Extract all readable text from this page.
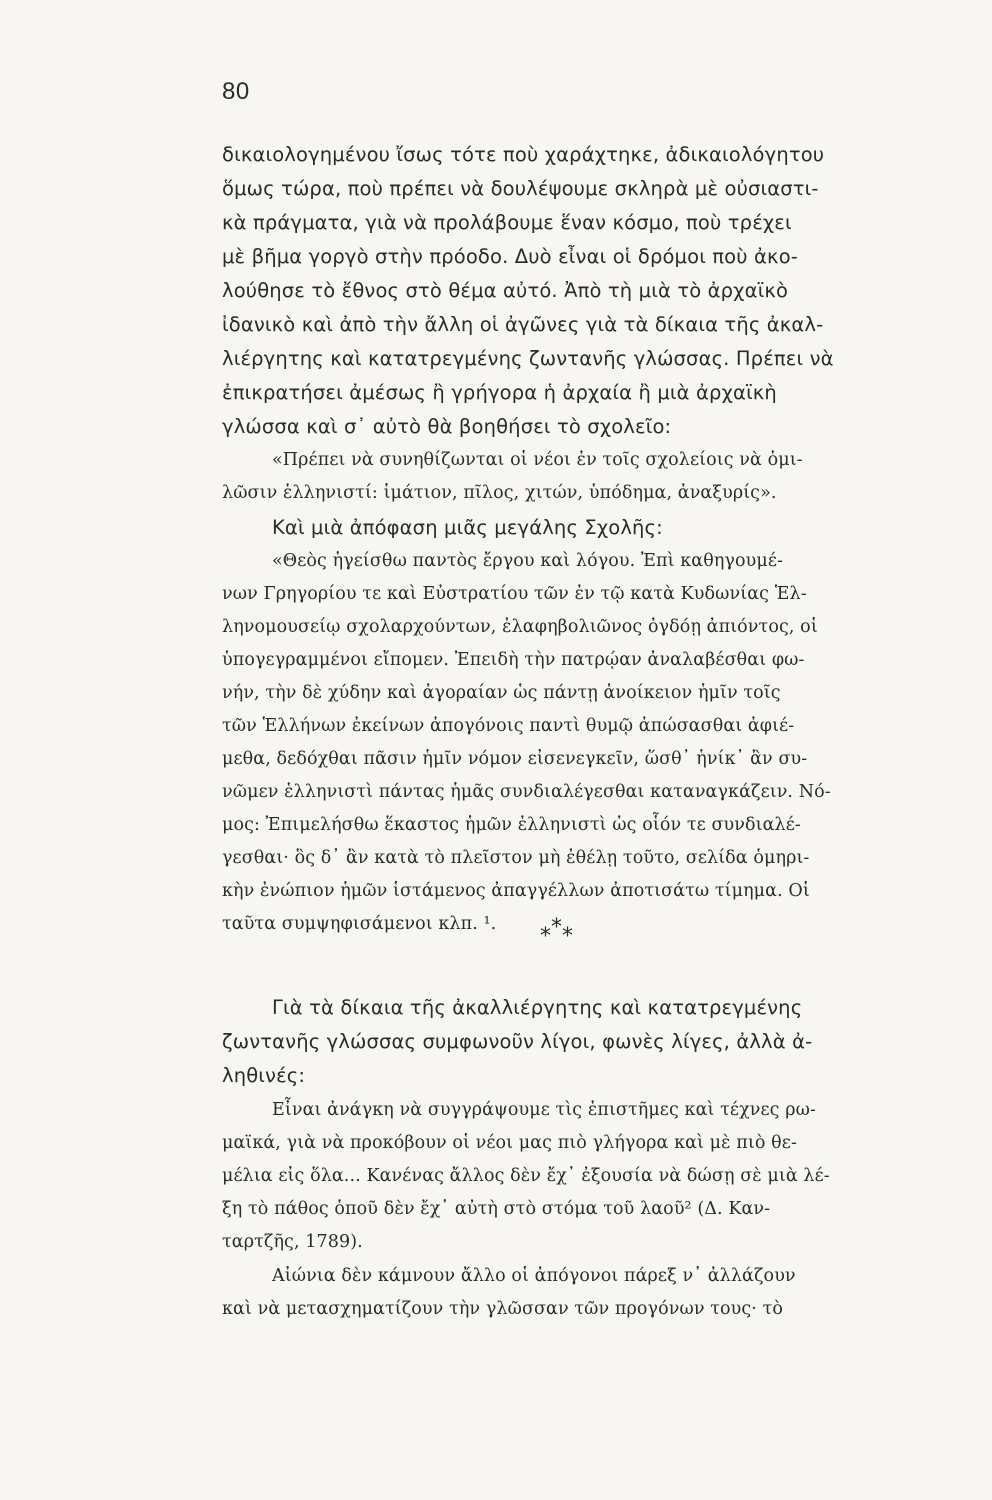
80
δικαιολογημένου ἴσως τότε ποὺ χαράχτηκε, ἀδικαιολόγητου
ὅμως τώρα, ποὺ πρέπει νὰ δουλέψουμε σκληρὰ μὲ οὐσιαστι-
κὰ πράγματα, γιὰ νὰ προλάβουμε ἕναν κόσμο, ποὺ τρέχει
μὲ βῆμα γοργὸ στὴν πρόοδο. Δυὸ εἶναι οἱ δρόμοι ποὺ ἀκο-
λούθησε τὸ ἔθνος στὸ θέμα αὐτό. Ἀπὸ τὴ μιὰ τὸ ἀρχαϊκὸ
ἰδανικὸ καὶ ἀπὸ τὴν ἄλλη οἱ ἀγῶνες γιὰ τὰ δίκαια τῆς ἀκαλ-
λιέργητης καὶ κατατρεγμένης ζωντανῆς γλώσσας. Πρέπει νὰ
ἐπικρατήσει ἀμέσως ἢ γρήγορα ἡ ἀρχαία ἢ μιὰ ἀρχαϊκὴ
γλώσσα καὶ σ᾿ αὐτὸ θὰ βοηθήσει τὸ σχολεῖο:
«Πρέπει νὰ συνηθίζωνται οἱ νέοι ἐν τοῖς σχολείοις νὰ ὁμι-
λῶσιν ἑλληνιστί: ἱμάτιον, πῖλος, χιτών, ὑπόδημα, ἀναξυρίς».
Καὶ μιὰ ἀπόφαση μιᾶς μεγάλης Σχολῆς:
«Θεὸς ἡγείσθω παντὸς ἔργου καὶ λόγου. Ἐπὶ καθηγουμέ-
νων Γρηγορίου τε καὶ Εὐστρατίου τῶν ἐν τῷ κατὰ Κυδωνίας Ἑλ-
ληνομουσείῳ σχολαρχούντων, ἐλαφηβολιῶνος ὀγδόῃ ἀπιόντος, οἱ
ὑπογεγραμμένοι εἴπομεν. Ἐπειδὴ τὴν πατρῴαν ἀναλαβέσθαι φω-
νήν, τὴν δὲ χύδην καὶ ἀγοραίαν ὡς πάντῃ ἀνοίκειον ἡμῖν τοῖς
τῶν Ἑλλήνων ἐκείνων ἀπογόνοις παντὶ θυμῷ ἀπώσασθαι ἀφιέ-
μεθα, δεδόχθαι πᾶσιν ἡμῖν νόμον εἰσενεγκεῖν, ὥσθ᾿ ἡνίκ᾿ ἂν συ-
νῶμεν ἑλληνιστὶ πάντας ἡμᾶς συνδιαλέγεσθαι καταναγκάζειν. Νό-
μος: Ἐπιμελήσθω ἕκαστος ἡμῶν ἑλληνιστὶ ὡς οἷόν τε συνδιαλέ-
γεσθαι· ὃς δ᾿ ἂν κατὰ τὸ πλεῖστον μὴ ἐθέλῃ τοῦτο, σελίδα ὁμηρι-
κὴν ἐνώπιον ἡμῶν ἱστάμενος ἀπαγγέλλων ἀποτισάτω τίμημα. Οἱ
ταῦτα συμψηφισάμενοι κλπ. ¹. ***
Γιὰ τὰ δίκαια τῆς ἀκαλλιέργητης καὶ κατατρεγμένης
ζωντανῆς γλώσσας συμφωνοῦν λίγοι, φωνὲς λίγες, ἀλλὰ ἀ-
ληθινές:
Εἶναι ἀνάγκη νὰ συγγράψουμε τὶς ἐπιστῆμες καὶ τέχνες ρω-
μαϊκά, γιὰ νὰ προκόβουν οἱ νέοι μας πιὸ γλήγορα καὶ μὲ πιὸ θε-
μέλια εἰς ὅλα... Κανένας ἄλλος δὲν ἔχ᾿ ἐξουσία νὰ δώσῃ σὲ μιὰ λέ-
ξη τὸ πάθος ὁποῦ δὲν ἔχ᾿ αὐτὴ στὸ στόμα τοῦ λαοῦ² (Δ. Καν-
ταρτζῆς, 1789).
Αἰώνια δὲν κάμνουν ἄλλο οἱ ἀπόγονοι πάρεξ ν᾿ ἀλλάζουν
καὶ νὰ μετασχηματίζουν τὴν γλῶσσαν τῶν προγόνων τους· τὸ
